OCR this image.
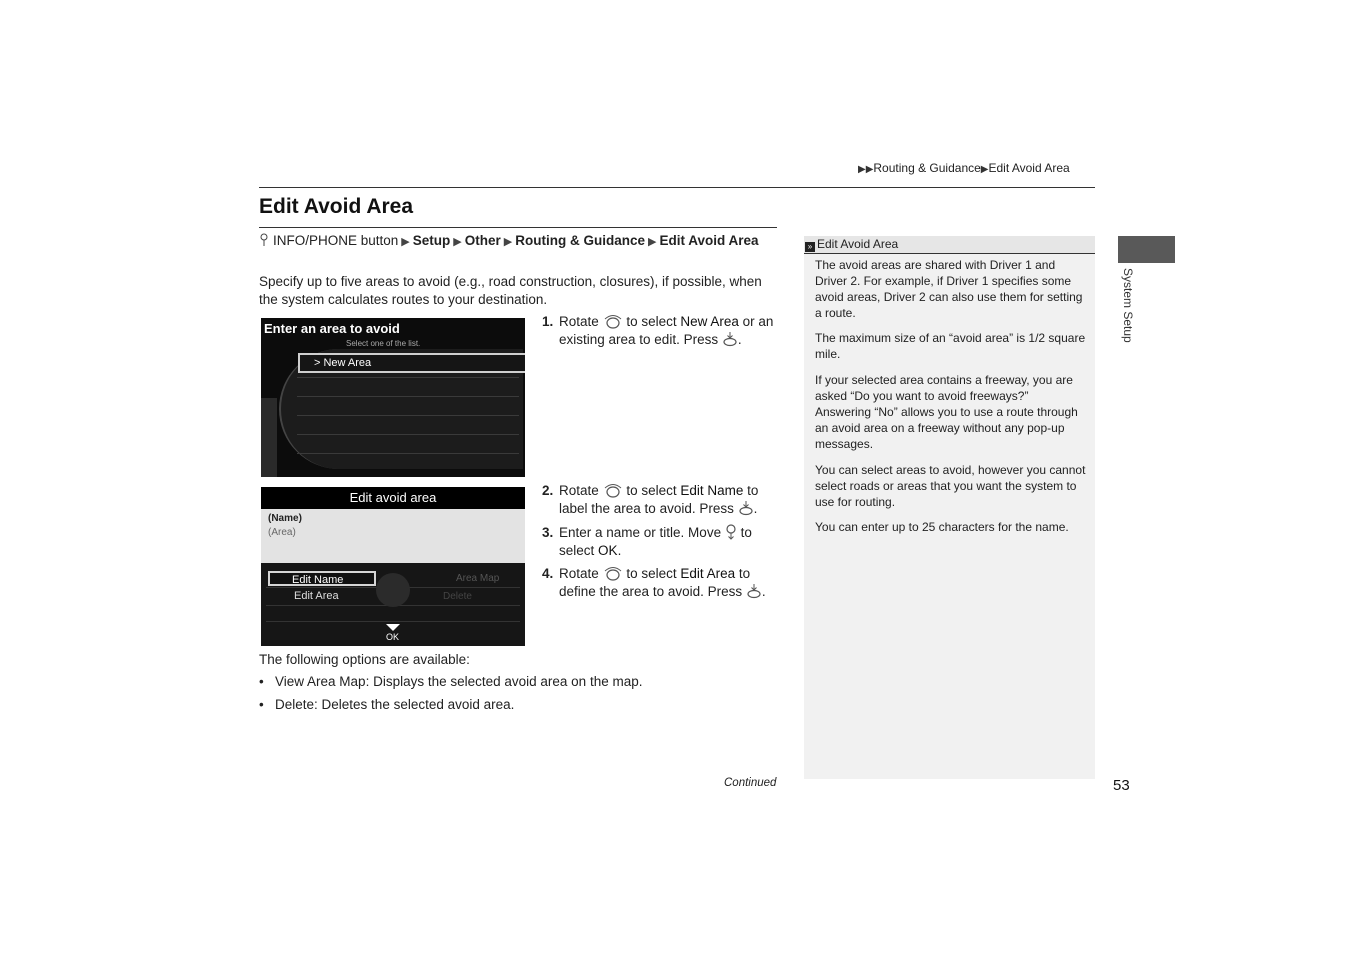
▶▶Routing & Guidance▶Edit Avoid Area
Edit Avoid Area
INFO/PHONE button ▶ Setup ▶ Other ▶ Routing & Guidance ▶ Edit Avoid Area
Specify up to five areas to avoid (e.g., road construction, closures), if possible, when the system calculates routes to your destination.
Enter an area to avoid
Select one of the list.
> New Area
Edit avoid area
(Name)
(Area)
Edit Name
Edit Area
Area Map
Delete
OK
1. Rotate to select New Area or an existing area to edit. Press .
2. Rotate to select Edit Name to label the area to avoid. Press .
3. Enter a name or title. Move to select OK.
4. Rotate to select Edit Area to define the area to avoid. Press .
The following options are available:
• View Area Map: Displays the selected avoid area on the map.
• Delete: Deletes the selected avoid area.
Continued
» Edit Avoid Area
The avoid areas are shared with Driver 1 and Driver 2. For example, if Driver 1 specifies some avoid areas, Driver 2 can also use them for setting a route.
The maximum size of an “avoid area” is 1/2 square mile.
If your selected area contains a freeway, you are asked “Do you want to avoid freeways?” Answering “No” allows you to use a route through an avoid area on a freeway without any pop-up messages.
You can select areas to avoid, however you cannot select roads or areas that you want the system to use for routing.
You can enter up to 25 characters for the name.
System Setup
53
